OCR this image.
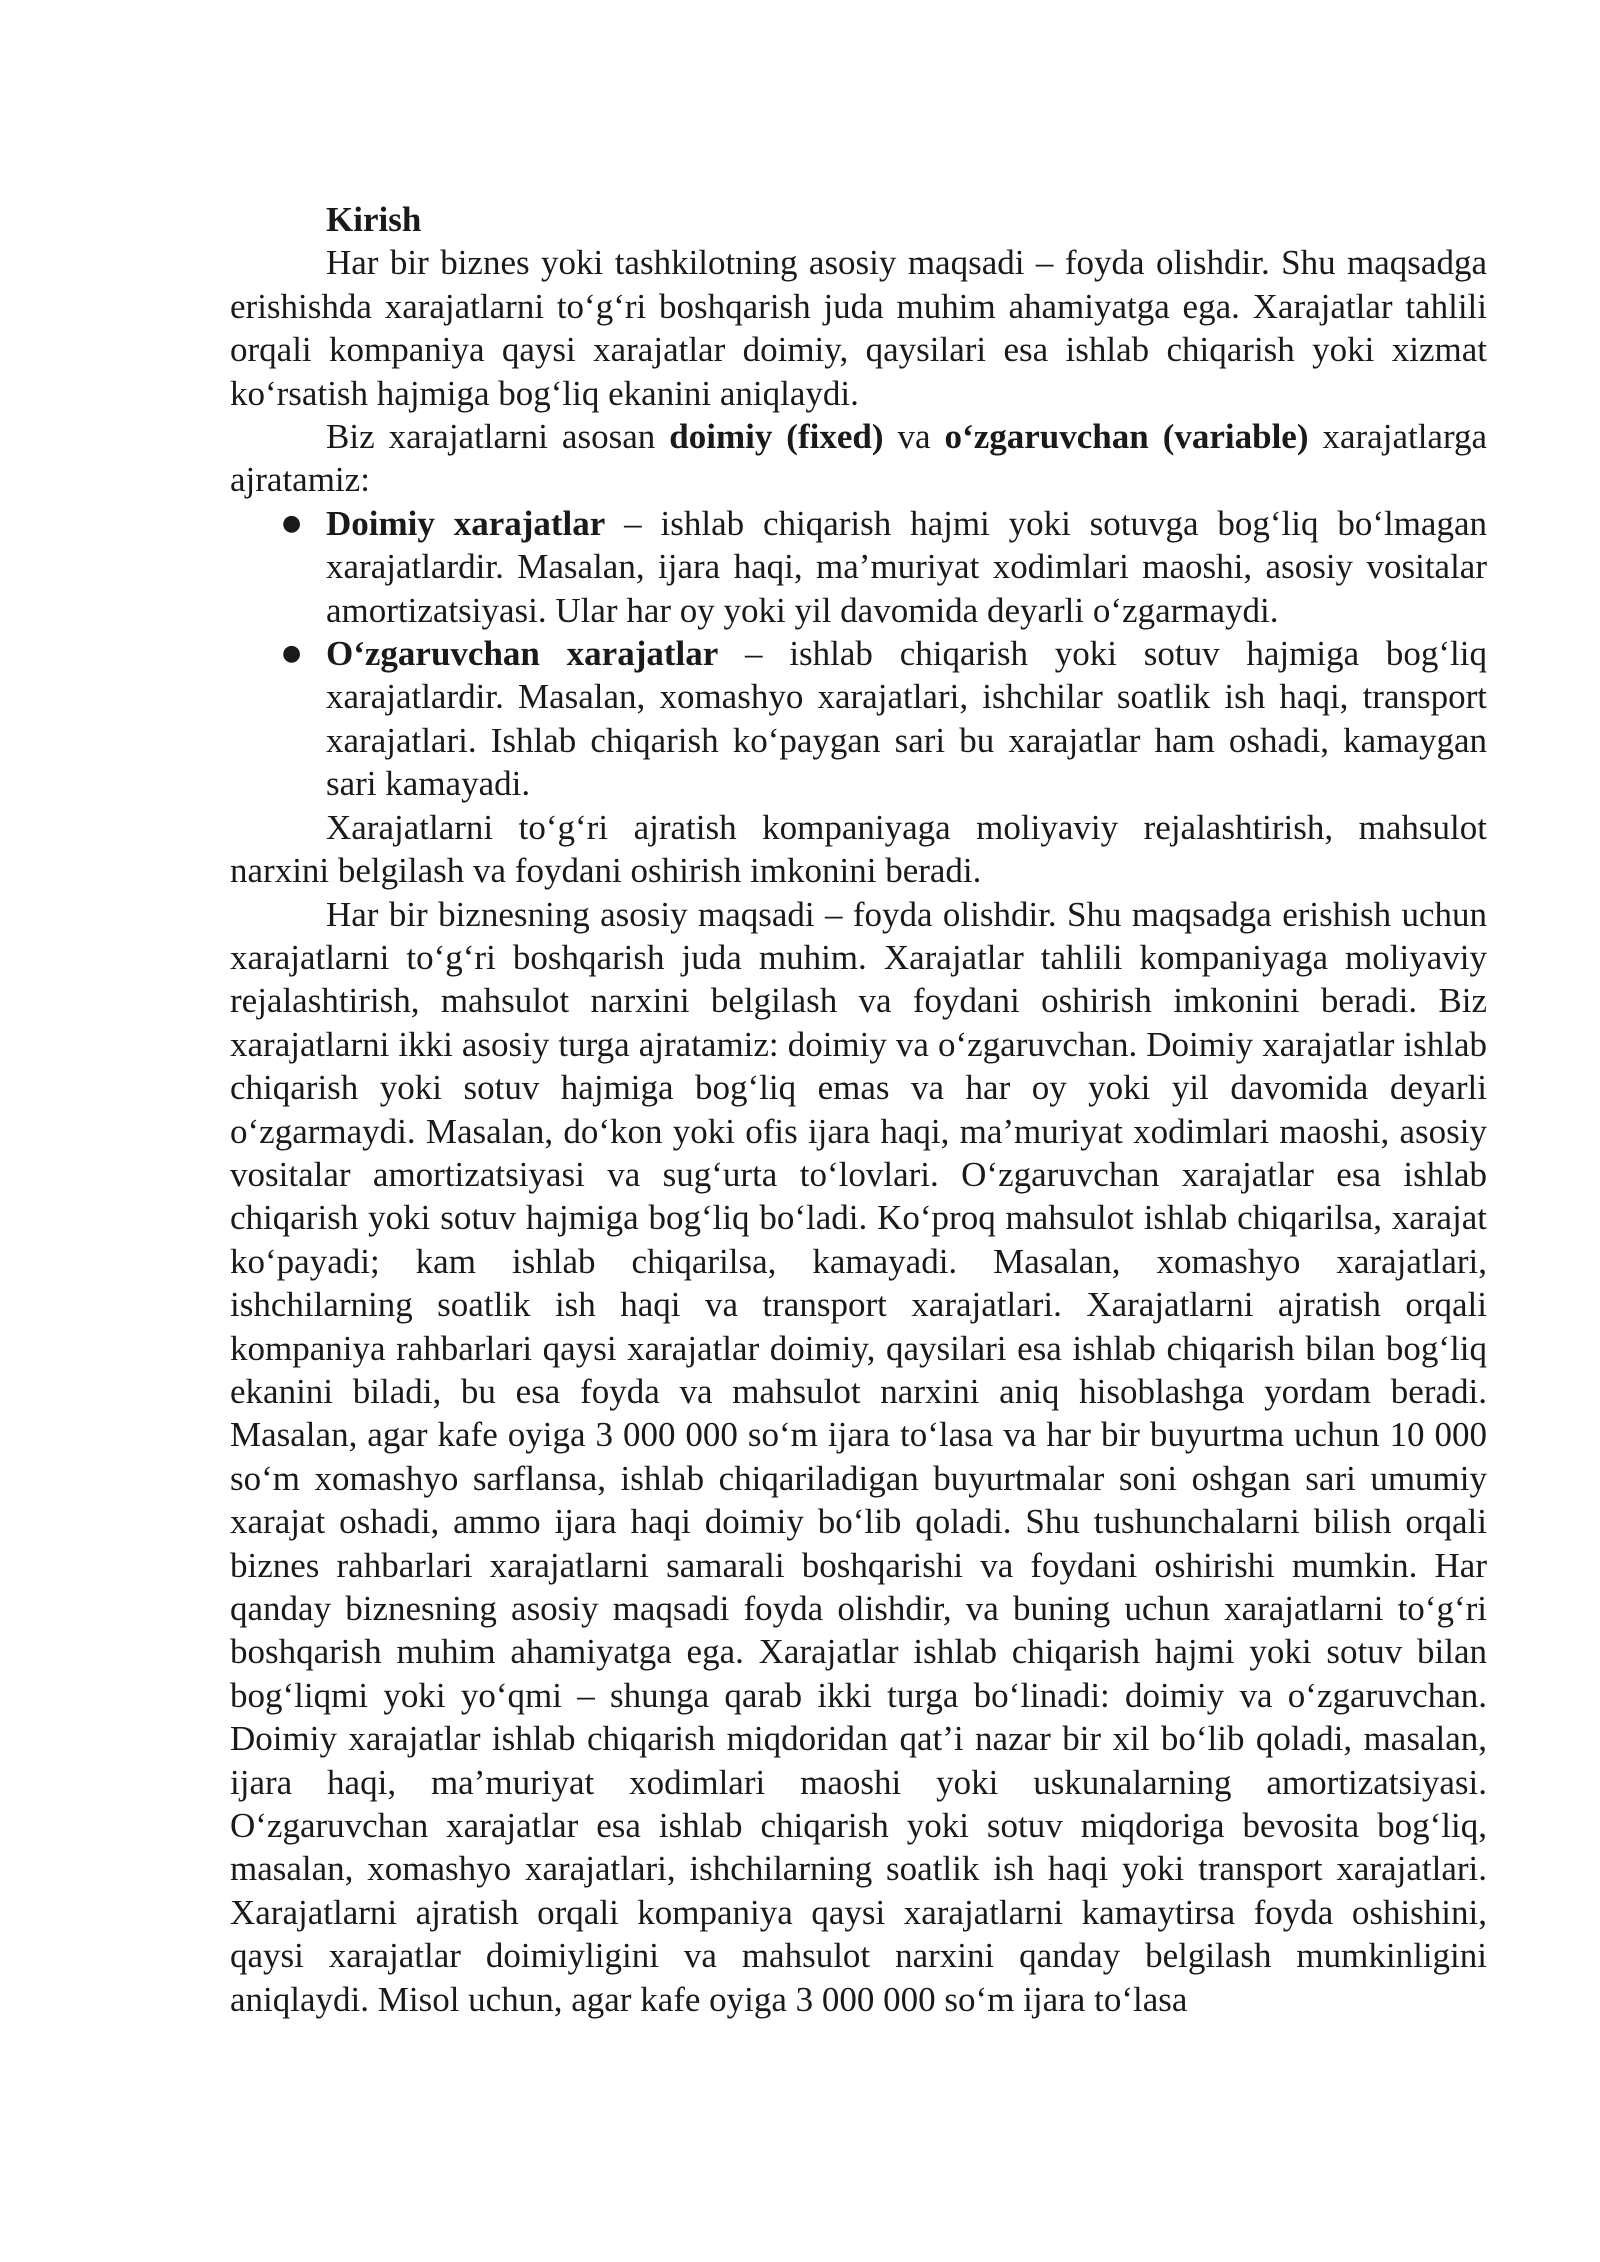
Kirish

Har bir biznes yoki tashkilotning asosiy maqsadi – foyda olishdir. Shu maqsadga erishishda xarajatlarni to‘g‘ri boshqarish juda muhim ahamiyatga ega. Xarajatlar tahlili orqali kompaniya qaysi xarajatlar doimiy, qaysilari esa ishlab chiqarish yoki xizmat ko‘rsatish hajmiga bog‘liq ekanini aniqlaydi.

Biz xarajatlarni asosan doimiy (fixed) va o‘zgaruvchan (variable) xarajatlarga ajratamiz:

● Doimiy xarajatlar – ishlab chiqarish hajmi yoki sotuvga bog‘liq bo‘lmagan xarajatlardir. Masalan, ijara haqi, ma’muriyat xodimlari maoshi, asosiy vositalar amortizatsiyasi. Ular har oy yoki yil davomida deyarli o‘zgarmaydi.
● O‘zgaruvchan xarajatlar – ishlab chiqarish yoki sotuv hajmiga bog‘liq xarajatlardir. Masalan, xomashyo xarajatlari, ishchilar soatlik ish haqi, transport xarajatlari. Ishlab chiqarish ko‘paygan sari bu xarajatlar ham oshadi, kamaygan sari kamayadi.

Xarajatlarni to‘g‘ri ajratish kompaniyaga moliyaviy rejalashtirish, mahsulot narxini belgilash va foydani oshirish imkonini beradi.

Har bir biznesning asosiy maqsadi – foyda olishdir. Shu maqsadga erishish uchun xarajatlarni to‘g‘ri boshqarish juda muhim. Xarajatlar tahlili kompaniyaga moliyaviy rejalashtirish, mahsulot narxini belgilash va foydani oshirish imkonini beradi. Biz xarajatlarni ikki asosiy turga ajratamiz: doimiy va o‘zgaruvchan. Doimiy xarajatlar ishlab chiqarish yoki sotuv hajmiga bog‘liq emas va har oy yoki yil davomida deyarli o‘zgarmaydi. Masalan, do‘kon yoki ofis ijara haqi, ma’muriyat xodimlari maoshi, asosiy vositalar amortizatsiyasi va sug‘urta to‘lovlari. O‘zgaruvchan xarajatlar esa ishlab chiqarish yoki sotuv hajmiga bog‘liq bo‘ladi. Ko‘proq mahsulot ishlab chiqarilsa, xarajat ko‘payadi; kam ishlab chiqarilsa, kamayadi. Masalan, xomashyo xarajatlari, ishchilarning soatlik ish haqi va transport xarajatlari. Xarajatlarni ajratish orqali kompaniya rahbarlari qaysi xarajatlar doimiy, qaysilari esa ishlab chiqarish bilan bog‘liq ekanini biladi, bu esa foyda va mahsulot narxini aniq hisoblashga yordam beradi. Masalan, agar kafe oyiga 3 000 000 so‘m ijara to‘lasa va har bir buyurtma uchun 10 000 so‘m xomashyo sarflansa, ishlab chiqariladigan buyurtmalar soni oshgan sari umumiy xarajat oshadi, ammo ijara haqi doimiy bo‘lib qoladi. Shu tushunchalarni bilish orqali biznes rahbarlari xarajatlarni samarali boshqarishi va foydani oshirishi mumkin. Har qanday biznesning asosiy maqsadi foyda olishdir, va buning uchun xarajatlarni to‘g‘ri boshqarish muhim ahamiyatga ega. Xarajatlar ishlab chiqarish hajmi yoki sotuv bilan bog‘liqmi yoki yo‘qmi – shunga qarab ikki turga bo‘linadi: doimiy va o‘zgaruvchan. Doimiy xarajatlar ishlab chiqarish miqdoridan qat’i nazar bir xil bo‘lib qoladi, masalan, ijara haqi, ma’muriyat xodimlari maoshi yoki uskunalarning amortizatsiyasi. O‘zgaruvchan xarajatlar esa ishlab chiqarish yoki sotuv miqdoriga bevosita bog‘liq, masalan, xomashyo xarajatlari, ishchilarning soatlik ish haqi yoki transport xarajatlari. Xarajatlarni ajratish orqali kompaniya qaysi xarajatlarni kamaytirsa foyda oshishini, qaysi xarajatlar doimiyligini va mahsulot narxini qanday belgilash mumkinligini aniqlaydi. Misol uchun, agar kafe oyiga 3 000 000 so‘m ijara to‘lasa
